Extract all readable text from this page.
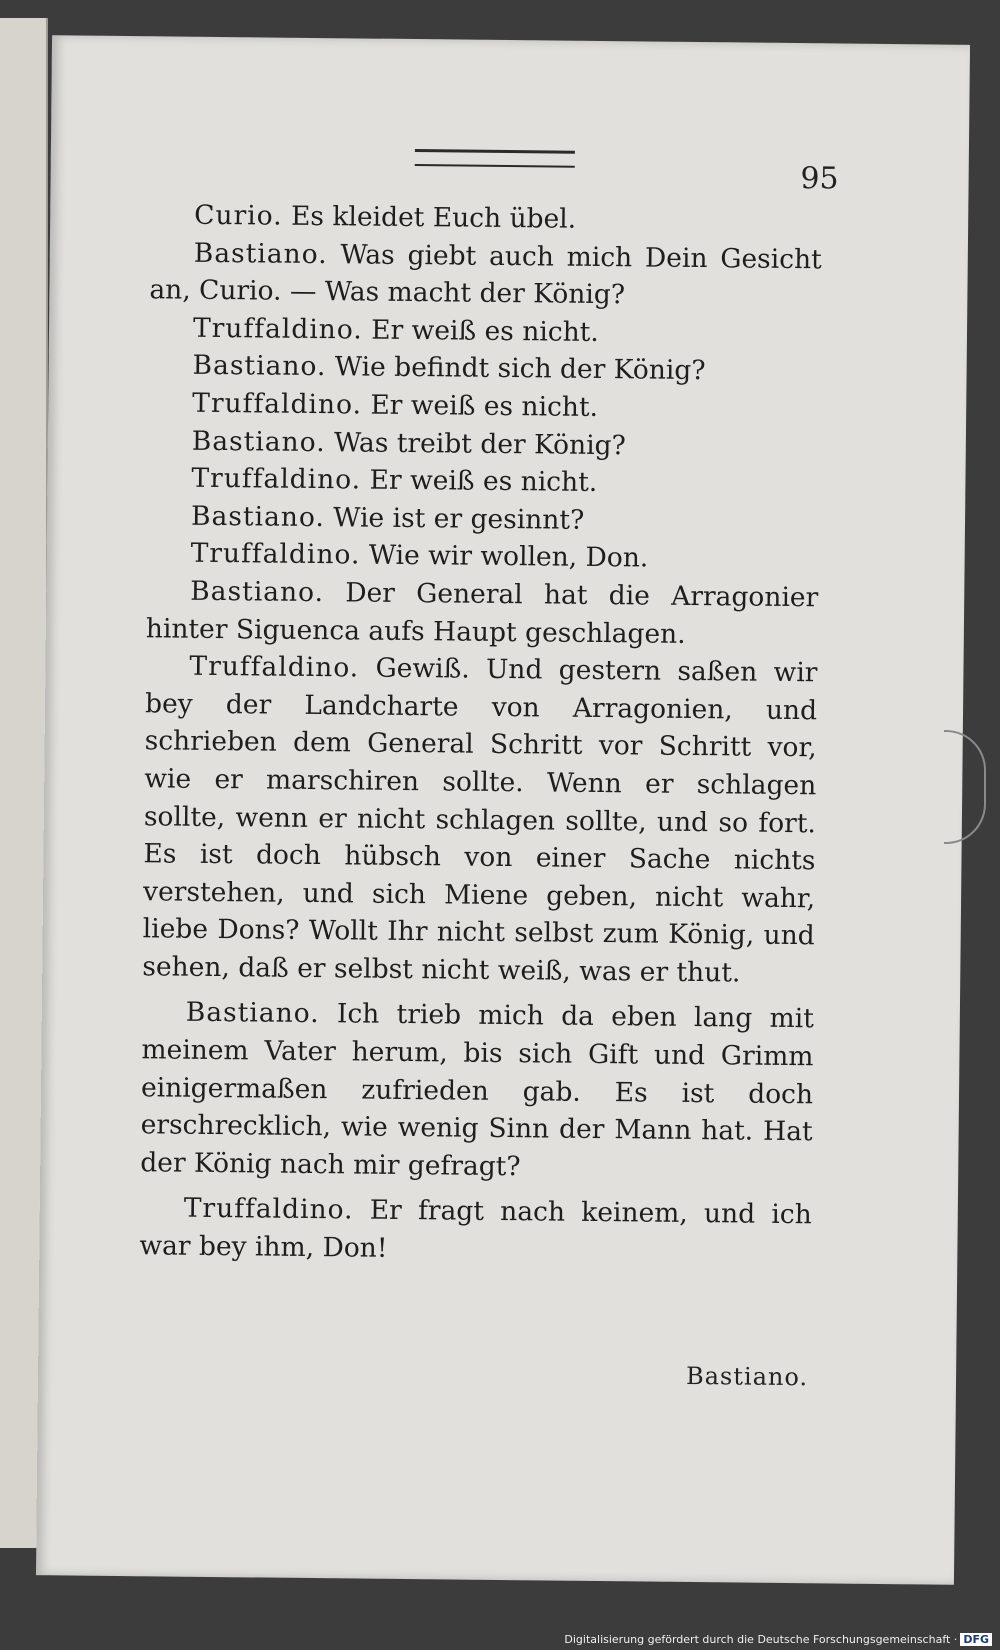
95

Curio. Es kleidet Euch übel.

Bastiano. Was giebt auch mich Dein Gesicht an, Curio. — Was macht der König?

Truffaldino. Er weiß es nicht.

Bastiano. Wie befindt sich der König?

Truffaldino. Er weiß es nicht.

Bastiano. Was treibt der König?

Truffaldino. Er weiß es nicht.

Bastiano. Wie ist er gesinnt?

Truffaldino. Wie wir wollen, Don.

Bastiano. Der General hat die Arragonier hinter Siguenca aufs Haupt geschlagen.

Truffaldino. Gewiß. Und gestern saßen wir bey der Landcharte von Arragonien, und schrieben dem General Schritt vor Schritt vor, wie er marschiren sollte. Wenn er schlagen sollte, wenn er nicht schlagen sollte, und so fort. Es ist doch hübsch von einer Sache nichts verstehen, und sich Miene geben, nicht wahr, liebe Dons? Wollt Ihr nicht selbst zum König, und sehen, daß er selbst nicht weiß, was er thut.

Bastiano. Ich trieb mich da eben lang mit meinem Vater herum, bis sich Gift und Grimm einigermaßen zufrieden gab. Es ist doch erschrecklich, wie wenig Sinn der Mann hat. Hat der König nach mir gefragt?

Truffaldino. Er fragt nach keinem, und ich war bey ihm, Don!

Bastiano.
Digitalisierung gefördert durch die Deutsche Forschungsgemeinschaft · DFG
